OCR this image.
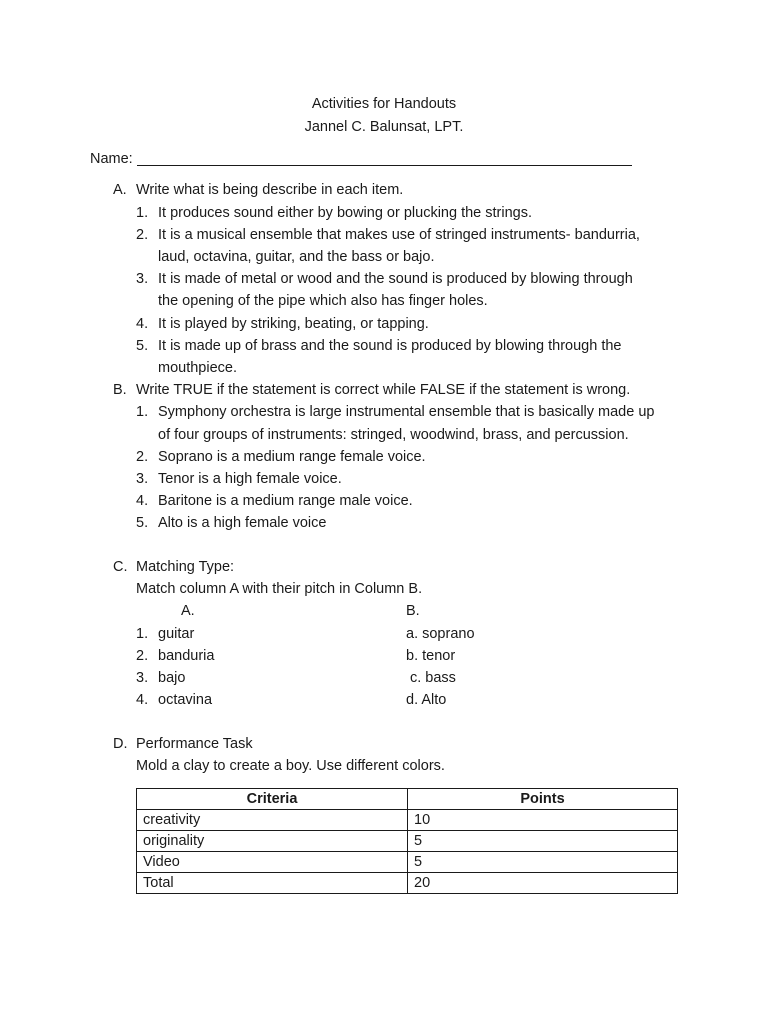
Activities for Handouts
Jannel C. Balunsat, LPT.
Name:
A. Write what is being describe in each item.
1. It produces sound either by bowing or plucking the strings.
2. It is a musical ensemble that makes use of stringed instruments- bandurria,
laud, octavina, guitar, and the bass or bajo.
3. It is made of metal or wood and the sound is produced by blowing through
the opening of the pipe which also has finger holes.
4. It is played by striking, beating, or tapping.
5. It is made up of brass and the sound is produced by blowing through the
mouthpiece.
B. Write TRUE if the statement is correct while FALSE if the statement is wrong.
1. Symphony orchestra is large instrumental ensemble that is basically made up
of four groups of instruments: stringed, woodwind, brass, and percussion.
2. Soprano is a medium range female voice.
3. Tenor is a high female voice.
4. Baritone is a medium range male voice.
5. Alto is a high female voice
C. Matching Type:
Match column A with their pitch in Column B.
A.	B.
1. guitar	a. soprano
2. banduria	b. tenor
3. bajo	c. bass
4. octavina	d. Alto
D. Performance Task
Mold a clay to create a boy. Use different colors.
Criteria	Points
creativity	10
originality	5
Video	5
Total	20
